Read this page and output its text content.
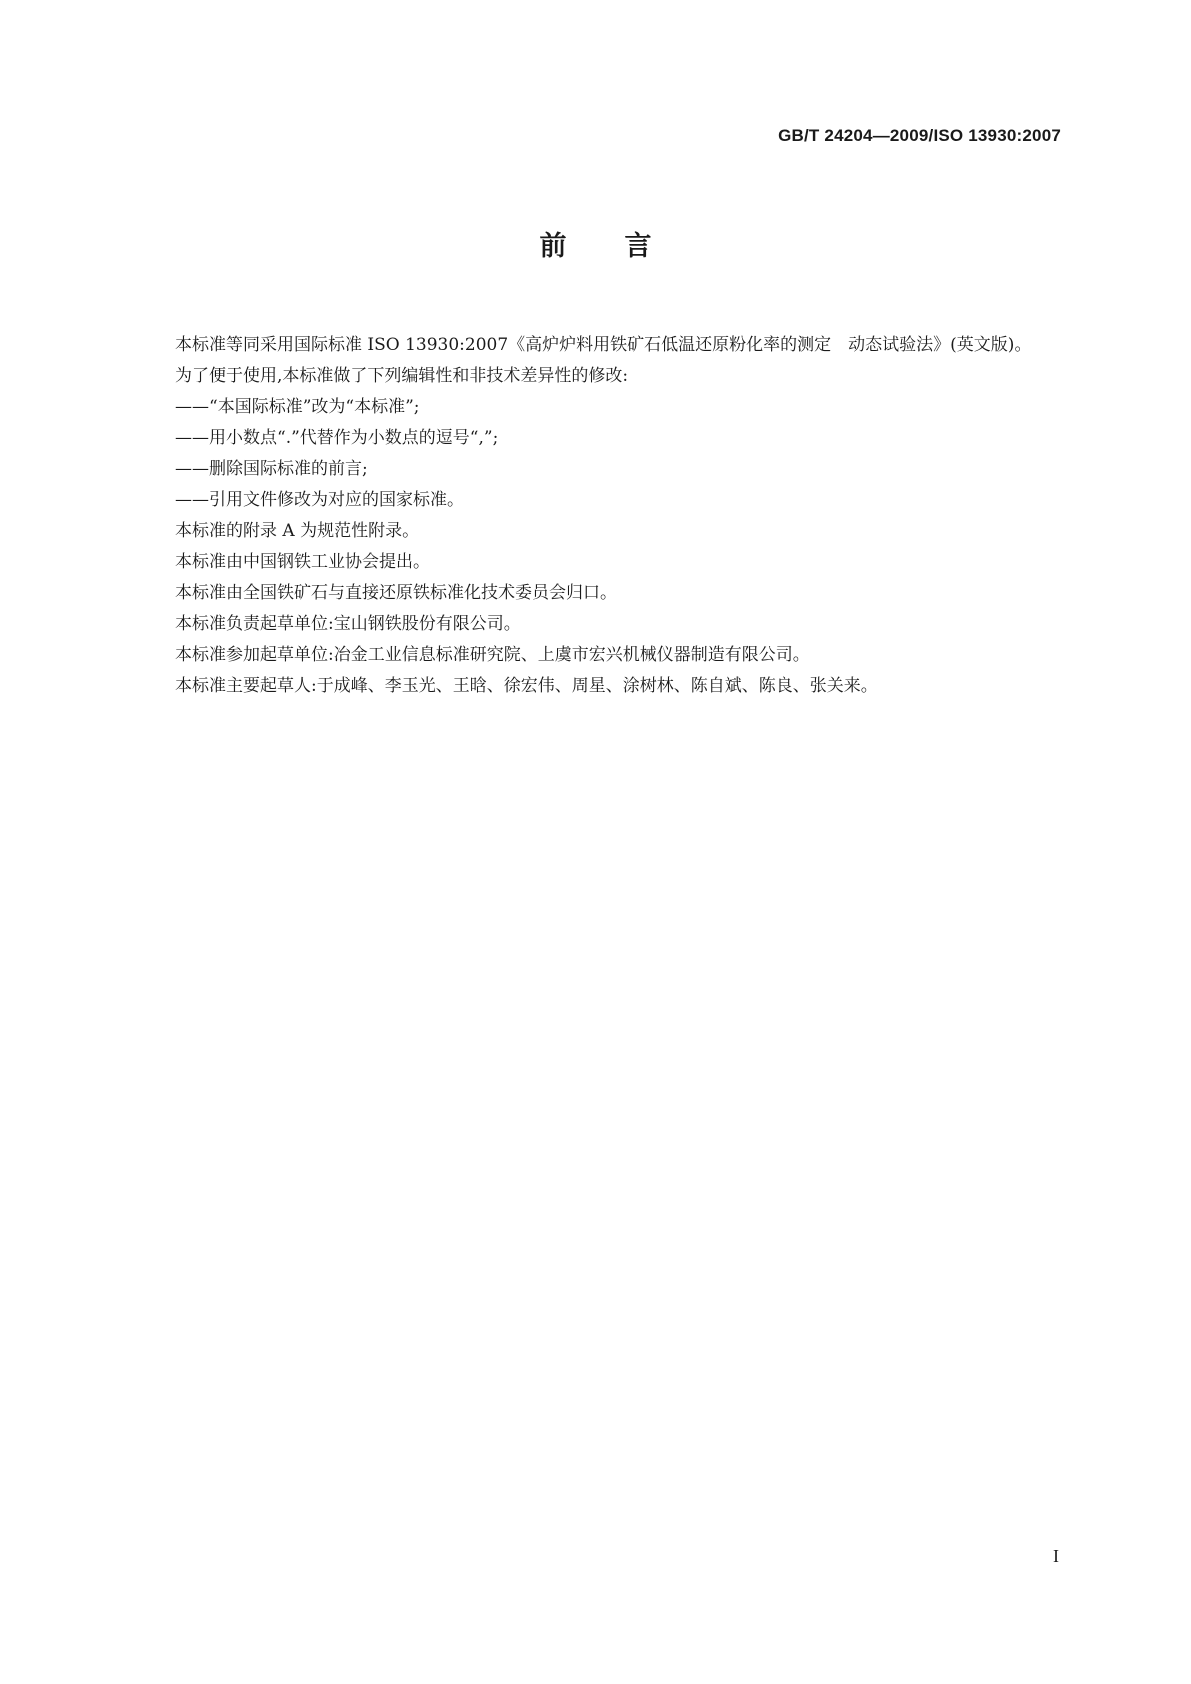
GB/T 24204—2009/ISO 13930:2007
前言

本标准等同采用国际标准 ISO 13930:2007《高炉炉料用铁矿石低温还原粉化率的测定　动态试验法》(英文版)。

为了便于使用,本标准做了下列编辑性和非技术差异性的修改:

——“本国际标准”改为“本标准”;

——用小数点“.”代替作为小数点的逗号“,”;

——删除国际标准的前言;

——引用文件修改为对应的国家标准。

本标准的附录 A 为规范性附录。

本标准由中国钢铁工业协会提出。

本标准由全国铁矿石与直接还原铁标准化技术委员会归口。

本标准负责起草单位:宝山钢铁股份有限公司。

本标准参加起草单位:冶金工业信息标准研究院、上虞市宏兴机械仪器制造有限公司。

本标准主要起草人:于成峰、李玉光、王晗、徐宏伟、周星、涂树林、陈自斌、陈良、张关来。

I
